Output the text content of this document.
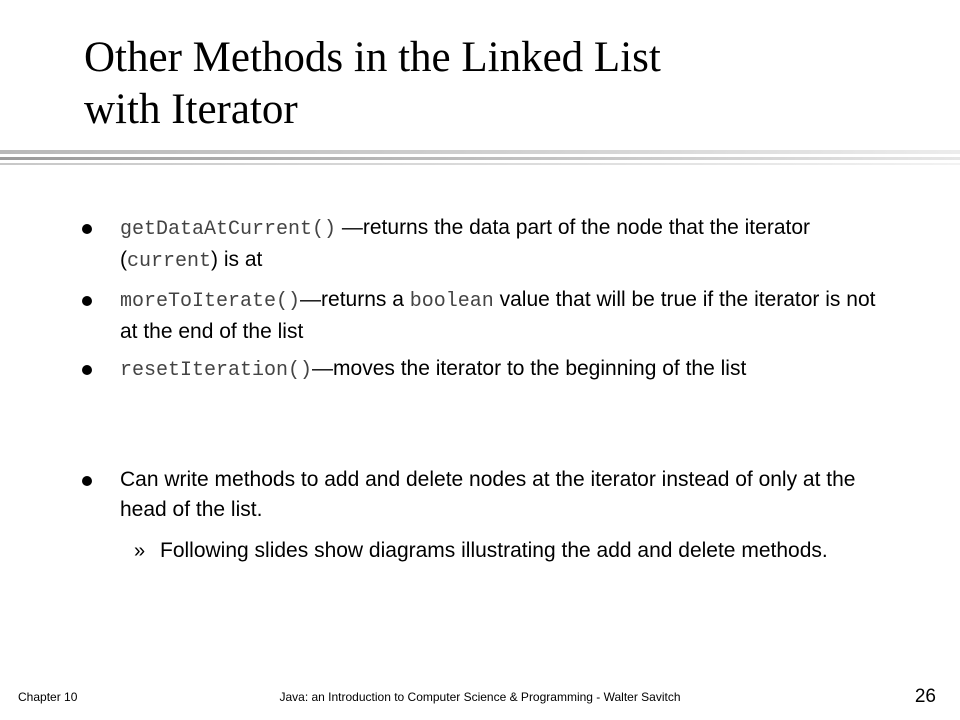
Other Methods in the Linked List
with Iterator
getDataAtCurrent() —returns the data part of the node that the iterator (current) is at
moreToIterate()—returns a boolean value that will be true if the iterator is not at the end of the list
resetIteration()—moves the iterator to the beginning of the list
Can write methods to add and delete nodes at the iterator instead of only at the head of the list.
» Following slides show diagrams illustrating the add and delete methods.
Chapter 10	Java: an Introduction to Computer Science & Programming - Walter Savitch	26
